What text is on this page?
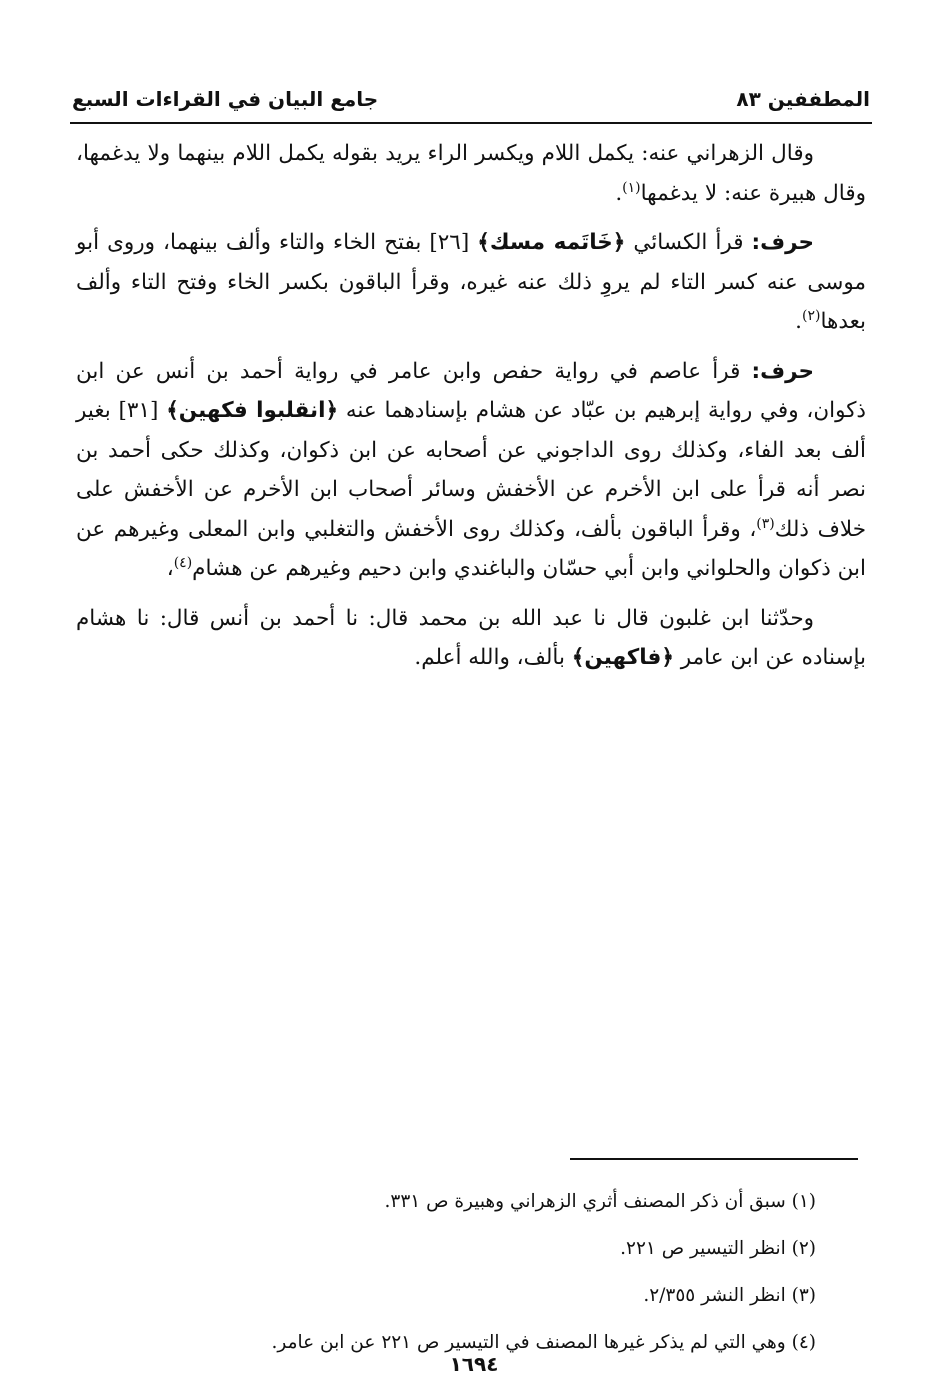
المطففين ٨٣
جامع البيان في القراءات السبع

وقال الزهراني عنه: يكمل اللام ويكسر الراء يريد بقوله يكمل اللام بينهما ولا يدغمها، وقال هبيرة عنه: لا يدغمها$^{(١)}$.

حرف: قرأ الكسائي ﴿خَاتَمه مسك﴾ [٢٦] بفتح الخاء والتاء وألف بينهما، وروى أبو موسى عنه كسر التاء لم يروِ ذلك عنه غيره، وقرأ الباقون بكسر الخاء وفتح التاء وألف بعدها$^{(٢)}$.

حرف: قرأ عاصم في رواية حفص وابن عامر في رواية أحمد بن أنس عن ابن ذكوان، وفي رواية إبرهيم بن عبّاد عن هشام بإسنادهما عنه ﴿انقلبوا فكهين﴾ [٣١] بغير ألف بعد الفاء، وكذلك روى الداجوني عن أصحابه عن ابن ذكوان، وكذلك حكى أحمد بن نصر أنه قرأ على ابن الأخرم عن الأخفش وسائر أصحاب ابن الأخرم عن الأخفش على خلاف ذلك$^{(٣)}$، وقرأ الباقون بألف، وكذلك روى الأخفش والتغلبي وابن المعلى وغيرهم عن ابن ذكوان والحلواني وابن أبي حسّان والباغندي وابن دحيم وغيرهم عن هشام$^{(٤)}$،

وحدّثنا ابن غلبون قال نا عبد الله بن محمد قال: نا أحمد بن أنس قال: نا هشام بإسناده عن ابن عامر ﴿فاكهين﴾ بألف، والله أعلم.

(١) سبق أن ذكر المصنف أثري الزهراني وهبيرة ص ٣٣١.

(٢) انظر التيسير ص ٢٢١.

(٣) انظر النشر ٢/٣٥٥.

(٤) وهي التي لم يذكر غيرها المصنف في التيسير ص ٢٢١ عن ابن عامر.

١٦٩٤
